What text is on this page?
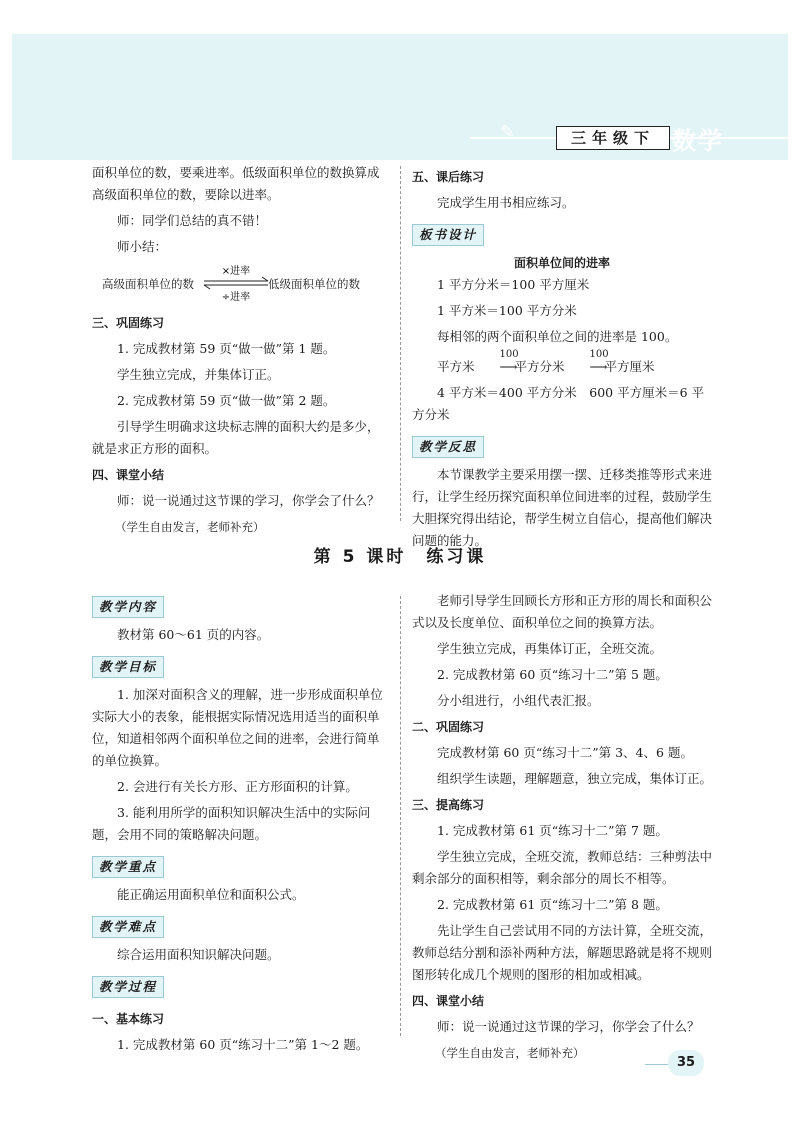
✎	三年级下 数学

面积单位的数，要乘进率。低级面积单位的数换算成高级面积单位的数，要除以进率。

师：同学们总结的真不错！

师小结：

高级面积单位的数
×进率
÷进率
低级面积单位的数
三、巩固练习

1. 完成教材第 59 页“做一做”第 1 题。

学生独立完成，并集体订正。

2. 完成教材第 59 页“做一做”第 2 题。

引导学生明确求这块标志牌的面积大约是多少，就是求正方形的面积。

四、课堂小结

师：说一说通过这节课的学习，你学会了什么？

（学生自由发言，老师补充）

五、课后练习

完成学生用书相应练习。

板书设计
面积单位间的进率

1 平方分米＝100 平方厘米

1 平方米＝100 平方分米

每相邻的两个面积单位之间的进率是 100。

平方米 ⟶
100
平方分米 ⟶
100
平方厘米

4 平方米＝400 平方分米　600 平方厘米＝6 平方分米

教学反思

本节课教学主要采用摆一摆、迁移类推等形式来进行，让学生经历探究面积单位间进率的过程，鼓励学生大胆探究得出结论，帮学生树立自信心，提高他们解决问题的能力。

第 5 课时　练习课
教学内容

教材第 60～61 页的内容。

教学目标

1. 加深对面积含义的理解，进一步形成面积单位实际大小的表象，能根据实际情况选用适当的面积单位，知道相邻两个面积单位之间的进率，会进行简单的单位换算。

2. 会进行有关长方形、正方形面积的计算。

3. 能利用所学的面积知识解决生活中的实际问题，会用不同的策略解决问题。

教学重点

能正确运用面积单位和面积公式。

教学难点

综合运用面积知识解决问题。

教学过程
一、基本练习

1. 完成教材第 60 页“练习十二”第 1～2 题。

老师引导学生回顾长方形和正方形的周长和面积公式以及长度单位、面积单位之间的换算方法。

学生独立完成，再集体订正，全班交流。

2. 完成教材第 60 页“练习十二”第 5 题。

分小组进行，小组代表汇报。

二、巩固练习

完成教材第 60 页“练习十二”第 3、4、6 题。

组织学生读题，理解题意，独立完成，集体订正。

三、提高练习

1. 完成教材第 61 页“练习十二”第 7 题。

学生独立完成，全班交流，教师总结：三种剪法中剩余部分的面积相等，剩余部分的周长不相等。

2. 完成教材第 61 页“练习十二”第 8 题。

先让学生自己尝试用不同的方法计算，全班交流，教师总结分割和添补两种方法，解题思路就是将不规则图形转化成几个规则的图形的相加或相减。

四、课堂小结

师：说一说通过这节课的学习，你学会了什么？

（学生自由发言，老师补充）

35
